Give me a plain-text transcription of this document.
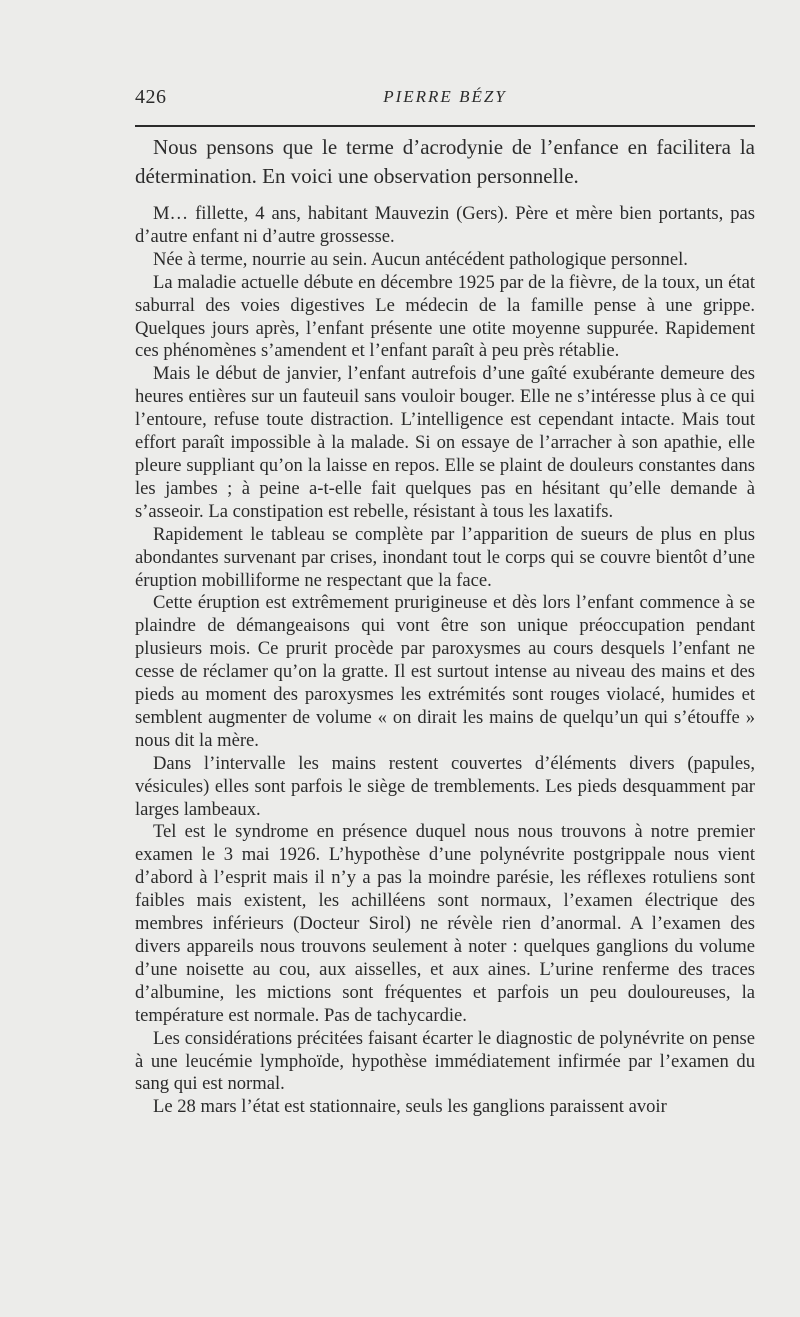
426	PIERRE BÉZY

Nous pensons que le terme d’acrodynie de l’enfance en facilitera la détermination. En voici une observation personnelle.

M… fillette, 4 ans, habitant Mauvezin (Gers). Père et mère bien portants, pas d’autre enfant ni d’autre grossesse.

Née à terme, nourrie au sein. Aucun antécédent pathologique personnel.

La maladie actuelle débute en décembre 1925 par de la fièvre, de la toux, un état saburral des voies digestives Le médecin de la famille pense à une grippe. Quelques jours après, l’enfant présente une otite moyenne suppurée. Rapidement ces phénomènes s’amendent et l’enfant paraît à peu près rétablie.

Mais le début de janvier, l’enfant autrefois d’une gaîté exubérante demeure des heures entières sur un fauteuil sans vouloir bouger. Elle ne s’intéresse plus à ce qui l’entoure, refuse toute distraction. L’intelligence est cependant intacte. Mais tout effort paraît impossible à la malade. Si on essaye de l’arracher à son apathie, elle pleure suppliant qu’on la laisse en repos. Elle se plaint de douleurs constantes dans les jambes ; à peine a-t-elle fait quelques pas en hésitant qu’elle demande à s’asseoir. La constipation est rebelle, résistant à tous les laxatifs.

Rapidement le tableau se complète par l’apparition de sueurs de plus en plus abondantes survenant par crises, inondant tout le corps qui se couvre bientôt d’une éruption mobilliforme ne respectant que la face.

Cette éruption est extrêmement prurigineuse et dès lors l’enfant commence à se plaindre de démangeaisons qui vont être son unique préoccupation pendant plusieurs mois. Ce prurit procède par paroxysmes au cours desquels l’enfant ne cesse de réclamer qu’on la gratte. Il est surtout intense au niveau des mains et des pieds au moment des paroxysmes les extrémités sont rouges violacé, humides et semblent augmenter de volume « on dirait les mains de quelqu’un qui s’étouffe » nous dit la mère.

Dans l’intervalle les mains restent couvertes d’éléments divers (papules, vésicules) elles sont parfois le siège de tremblements. Les pieds desquamment par larges lambeaux.

Tel est le syndrome en présence duquel nous nous trouvons à notre premier examen le 3 mai 1926. L’hypothèse d’une polynévrite postgrippale nous vient d’abord à l’esprit mais il n’y a pas la moindre parésie, les réflexes rotuliens sont faibles mais existent, les achilléens sont normaux, l’examen électrique des membres inférieurs (Docteur Sirol) ne révèle rien d’anormal. A l’examen des divers appareils nous trouvons seulement à noter : quelques ganglions du volume d’une noisette au cou, aux aisselles, et aux aines. L’urine renferme des traces d’albumine, les mictions sont fréquentes et parfois un peu douloureuses, la température est normale. Pas de tachycardie.

Les considérations précitées faisant écarter le diagnostic de polynévrite on pense à une leucémie lymphoïde, hypothèse immédiatement infirmée par l’examen du sang qui est normal.

Le 28 mars l’état est stationnaire, seuls les ganglions paraissent avoir
